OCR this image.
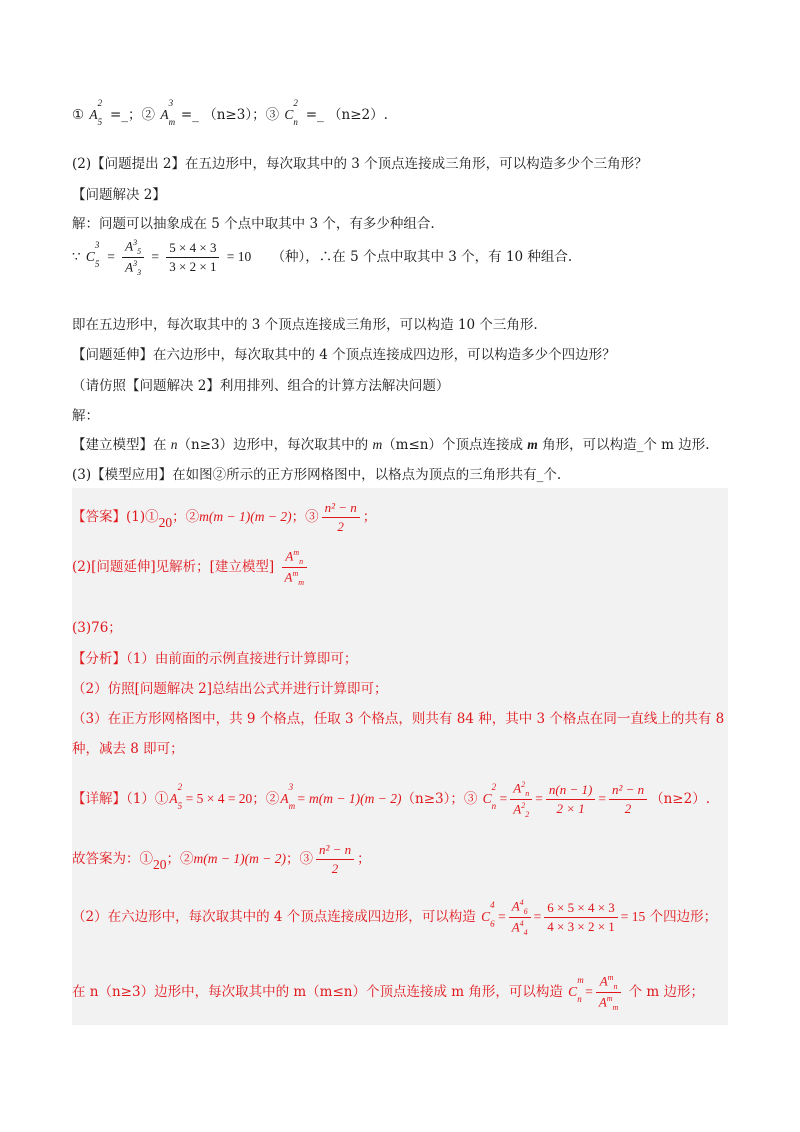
① A
2
5 =_；② A
3
m =_ （n≥3）；③ C
2
n =_ （n≥2）.
(2)【问题提出 2】在五边形中，每次取其中的 3 个顶点连接成三角形，可以构造多少个三角形？
【问题解决 2】
解：问题可以抽象成在 5 个点中取其中 3 个，有多少种组合.
∵ C
3
$5 = \frac{A^3_5}{A^3_3} = \frac{5 \times 4 \times 3}{3 \times 2 \times 1} = 10$ （种），∴在 5 个点中取其中 3 个，有 10 种组合.
即在五边形中，每次取其中的 3 个顶点连接成三角形，可以构造 10 个三角形.
【问题延伸】在六边形中，每次取其中的 4 个顶点连接成四边形，可以构造多少个四边形？
（请仿照【问题解决 2】利用排列、组合的计算方法解决问题）
解：
【建立模型】在 n（n≥3）边形中，每次取其中的 m（m≤n）个顶点连接成 m 角形，可以构造_个 m 边形.
(3)【模型应用】在如图②所示的正方形网格图中，以格点为顶点的三角形共有_个.
【答案】(1)①20；②m(m − 1)(m − 2)；③ $\frac{\text{n² − n}}{2}$ ；
(2)[问题延伸]见解析；[建立模型] $\frac{A^m_n}{A^m_m}$
(3)76；
【分析】（1）由前面的示例直接进行计算即可；
（2）仿照[问题解决 2]总结出公式并进行计算即可；
（3）在正方形网格图中，共 9 个格点，任取 3 个格点，则共有 84 种，其中 3 个格点在同一直线上的共有 8
种，减去 8 即可；
【详解】（1）①A
2
5 = 5 × 4 = 20；②A
3
m = m(m − 1)(m − 2)（n≥3）；③ C
2
$n = \frac{A^2_n}{A^2_2} = \frac{n(n - 1)}{2 \times 1} = \frac{\text{n² − n}}{2} (n\ge 2)$.
故答案为：①20；②m(m − 1)(m − 2)；③ $\frac{\text{n² − n}}{2}$ ；
（2）在六边形中，每次取其中的 4 个顶点连接成四边形，可以构造 C
4
$6 = \frac{A^4_6}{A^4_4} = \frac{6 \times 5 \times 4 \times 3}{4 \times 3 \times 2 \times 1} = 15$ 个四边形；
在 n（n≥3）边形中，每次取其中的 m（m≤n）个顶点连接成 m 角形，可以构造 C
m
$n = \frac{A^m_n}{A^m_m}$ 个 m 边形；
